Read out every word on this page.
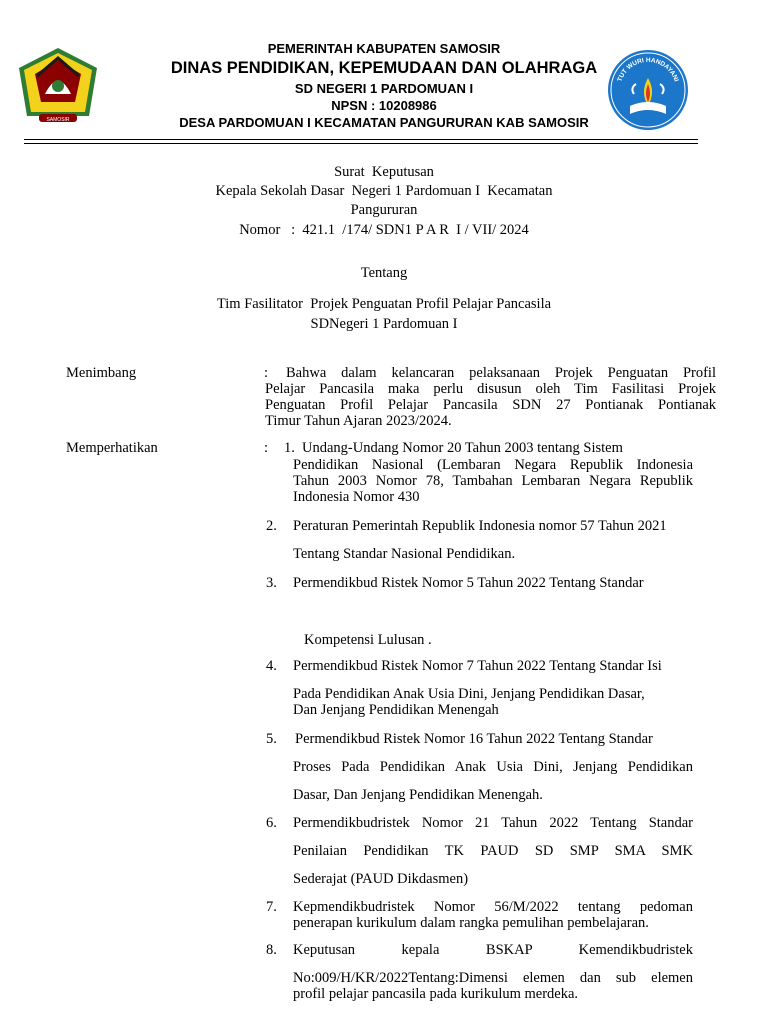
SAMOSIR
TUT WURI HANDAYANI
PEMERINTAH KABUPATEN SAMOSIR
DINAS PENDIDIKAN, KEPEMUDAAN DAN OLAHRAGA
SD NEGERI 1 PARDOMUAN I
NPSN : 10208986
DESA PARDOMUAN I KECAMATAN PANGURURAN KAB SAMOSIR
Surat  Keputusan
Kepala Sekolah Dasar  Negeri 1 Pardomuan I  Kecamatan
Pangururan
Nomor   :  421.1  /174/ SDN1 P A R  I / VII/ 2024
Tentang
Tim Fasilitator  Projek Penguatan Profil Pelajar Pancasila
SDNegeri 1 Pardomuan I
Menimbang	: Bahwa dalam kelancaran pelaksanaan Projek Penguatan Profil
Pelajar Pancasila maka perlu disusun oleh Tim Fasilitasi Projek
Penguatan Profil Pelajar Pancasila SDN 27 Pontianak Pontianak
Timur Tahun Ajaran 2023/2024.
Memperhatikan	: 1. Undang-Undang Nomor 20 Tahun 2003 tentang Sistem
Pendidikan Nasional (Lembaran Negara Republik Indonesia
Tahun 2003 Nomor 78, Tambahan Lembaran Negara Republik
Indonesia Nomor 430
2. Peraturan Pemerintah Republik Indonesia nomor 57 Tahun 2021
Tentang Standar Nasional Pendidikan.
3. Permendikbud Ristek Nomor 5 Tahun 2022 Tentang Standar
Kompetensi Lulusan .
4. Permendikbud Ristek Nomor 7 Tahun 2022 Tentang Standar Isi
Pada Pendidikan Anak Usia Dini, Jenjang Pendidikan Dasar,
Dan Jenjang Pendidikan Menengah
5. Permendikbud Ristek Nomor 16 Tahun 2022 Tentang Standar
Proses Pada Pendidikan Anak Usia Dini, Jenjang Pendidikan
Dasar, Dan Jenjang Pendidikan Menengah.
6. Permendikbudristek Nomor 21 Tahun 2022 Tentang Standar
Penilaian Pendidikan TK PAUD SD SMP SMA SMK
Sederajat (PAUD Dikdasmen)
7. Kepmendikbudristek Nomor 56/M/2022 tentang pedoman
penerapan kurikulum dalam rangka pemulihan pembelajaran.
8. Keputusan kepala BSKAP Kemendikbudristek
No:009/H/KR/2022Tentang:Dimensi elemen dan sub elemen
profil pelajar pancasila pada kurikulum merdeka.
